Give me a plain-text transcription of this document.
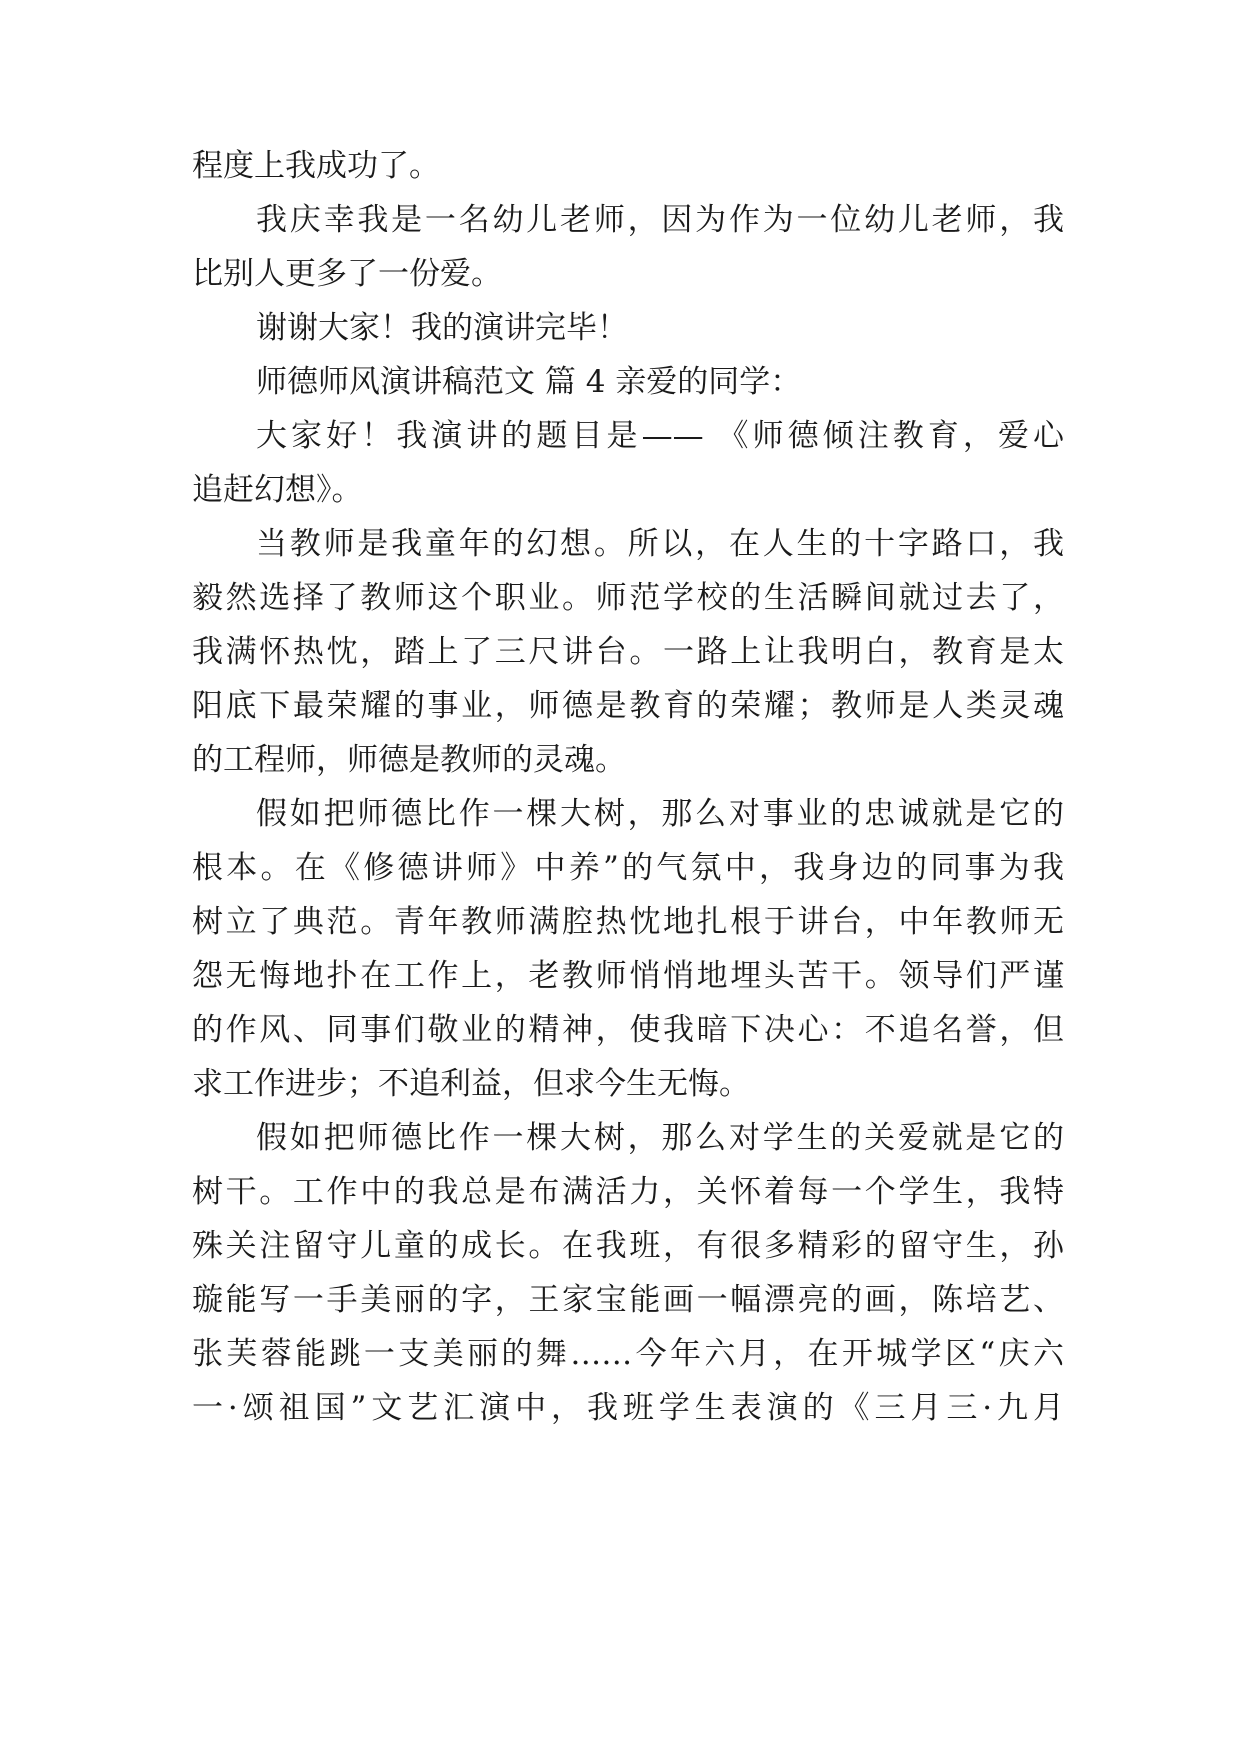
程度上我成功了。
我庆幸我是一名幼儿老师，因为作为一位幼儿老师，我
比别人更多了一份爱。
谢谢大家！我的演讲完毕！
师德师风演讲稿范文 篇 4 亲爱的同学：
大家好！我演讲的题目是—— 《师德倾注教育，爱心
追赶幻想》。
当教师是我童年的幻想。所以，在人生的十字路口，我
毅然选择了教师这个职业。师范学校的生活瞬间就过去了，
我满怀热忱，踏上了三尺讲台。一路上让我明白，教育是太
阳底下最荣耀的事业，师德是教育的荣耀；教师是人类灵魂
的工程师，师德是教师的灵魂。
假如把师德比作一棵大树，那么对事业的忠诚就是它的
根本。在《修德讲师》中养”的气氛中，我身边的同事为我
树立了典范。青年教师满腔热忱地扎根于讲台，中年教师无
怨无悔地扑在工作上，老教师悄悄地埋头苦干。领导们严谨
的作风、同事们敬业的精神，使我暗下决心：不追名誉，但
求工作进步；不追利益，但求今生无悔。
假如把师德比作一棵大树，那么对学生的关爱就是它的
树干。工作中的我总是布满活力，关怀着每一个学生，我特
殊关注留守儿童的成长。在我班，有很多精彩的留守生，孙
璇能写一手美丽的字，王家宝能画一幅漂亮的画，陈培艺、
张芙蓉能跳一支美丽的舞……今年六月，在开城学区“庆六
一·颂祖国”文艺汇演中，我班学生表演的《三月三·九月
